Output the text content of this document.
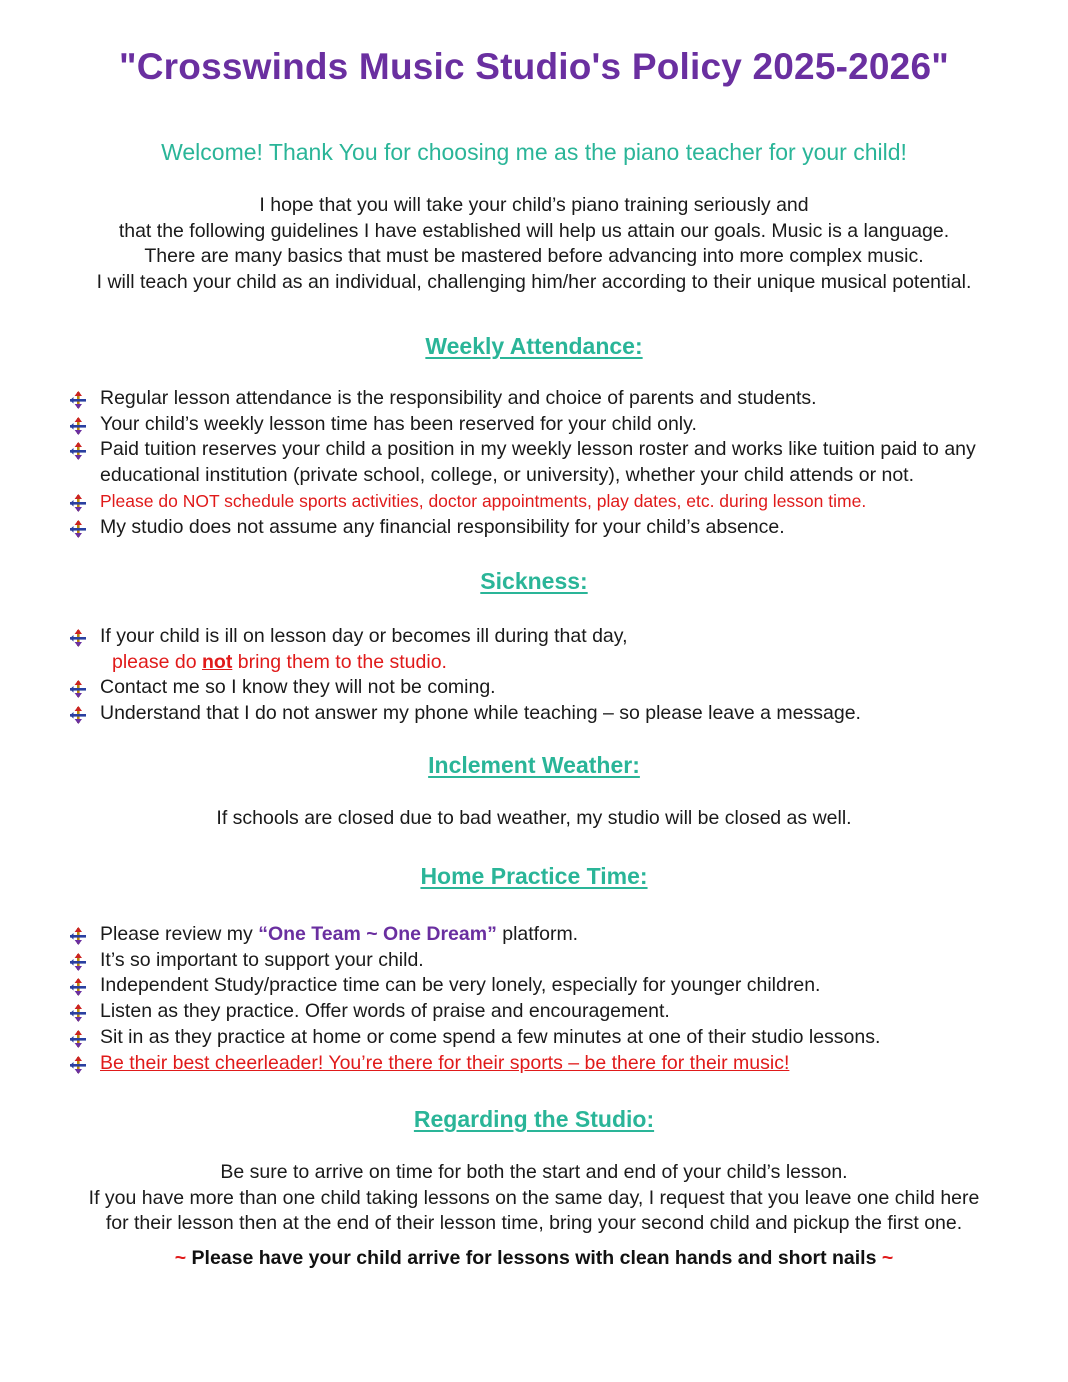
"Crosswinds Music Studio's Policy 2025-2026"
Welcome! Thank You for choosing me as the piano teacher for your child!
I hope that you will take your child’s piano training seriously and
that the following guidelines I have established will help us attain our goals. Music is a language.
There are many basics that must be mastered before advancing into more complex music.
I will teach your child as an individual, challenging him/her according to their unique musical potential.
Weekly Attendance:
Regular lesson attendance is the responsibility and choice of parents and students.
Your child’s weekly lesson time has been reserved for your child only.
Paid tuition reserves your child a position in my weekly lesson roster and works like tuition paid to any educational institution (private school, college, or university), whether your child attends or not.
Please do NOT schedule sports activities, doctor appointments, play dates, etc. during lesson time.
My studio does not assume any financial responsibility for your child’s absence.
Sickness:
If your child is ill on lesson day or becomes ill during that day,
please do not bring them to the studio.
Contact me so I know they will not be coming.
Understand that I do not answer my phone while teaching – so please leave a message.
Inclement Weather:
If schools are closed due to bad weather, my studio will be closed as well.
Home Practice Time:
Please review my “One Team ~ One Dream” platform.
It’s so important to support your child.
Independent Study/practice time can be very lonely, especially for younger children.
Listen as they practice. Offer words of praise and encouragement.
Sit in as they practice at home or come spend a few minutes at one of their studio lessons.
Be their best cheerleader! You’re there for their sports – be there for their music!
Regarding the Studio:
Be sure to arrive on time for both the start and end of your child’s lesson.
If you have more than one child taking lessons on the same day, I request that you leave one child here
for their lesson then at the end of their lesson time, bring your second child and pickup the first one.
~ Please have your child arrive for lessons with clean hands and short nails ~
